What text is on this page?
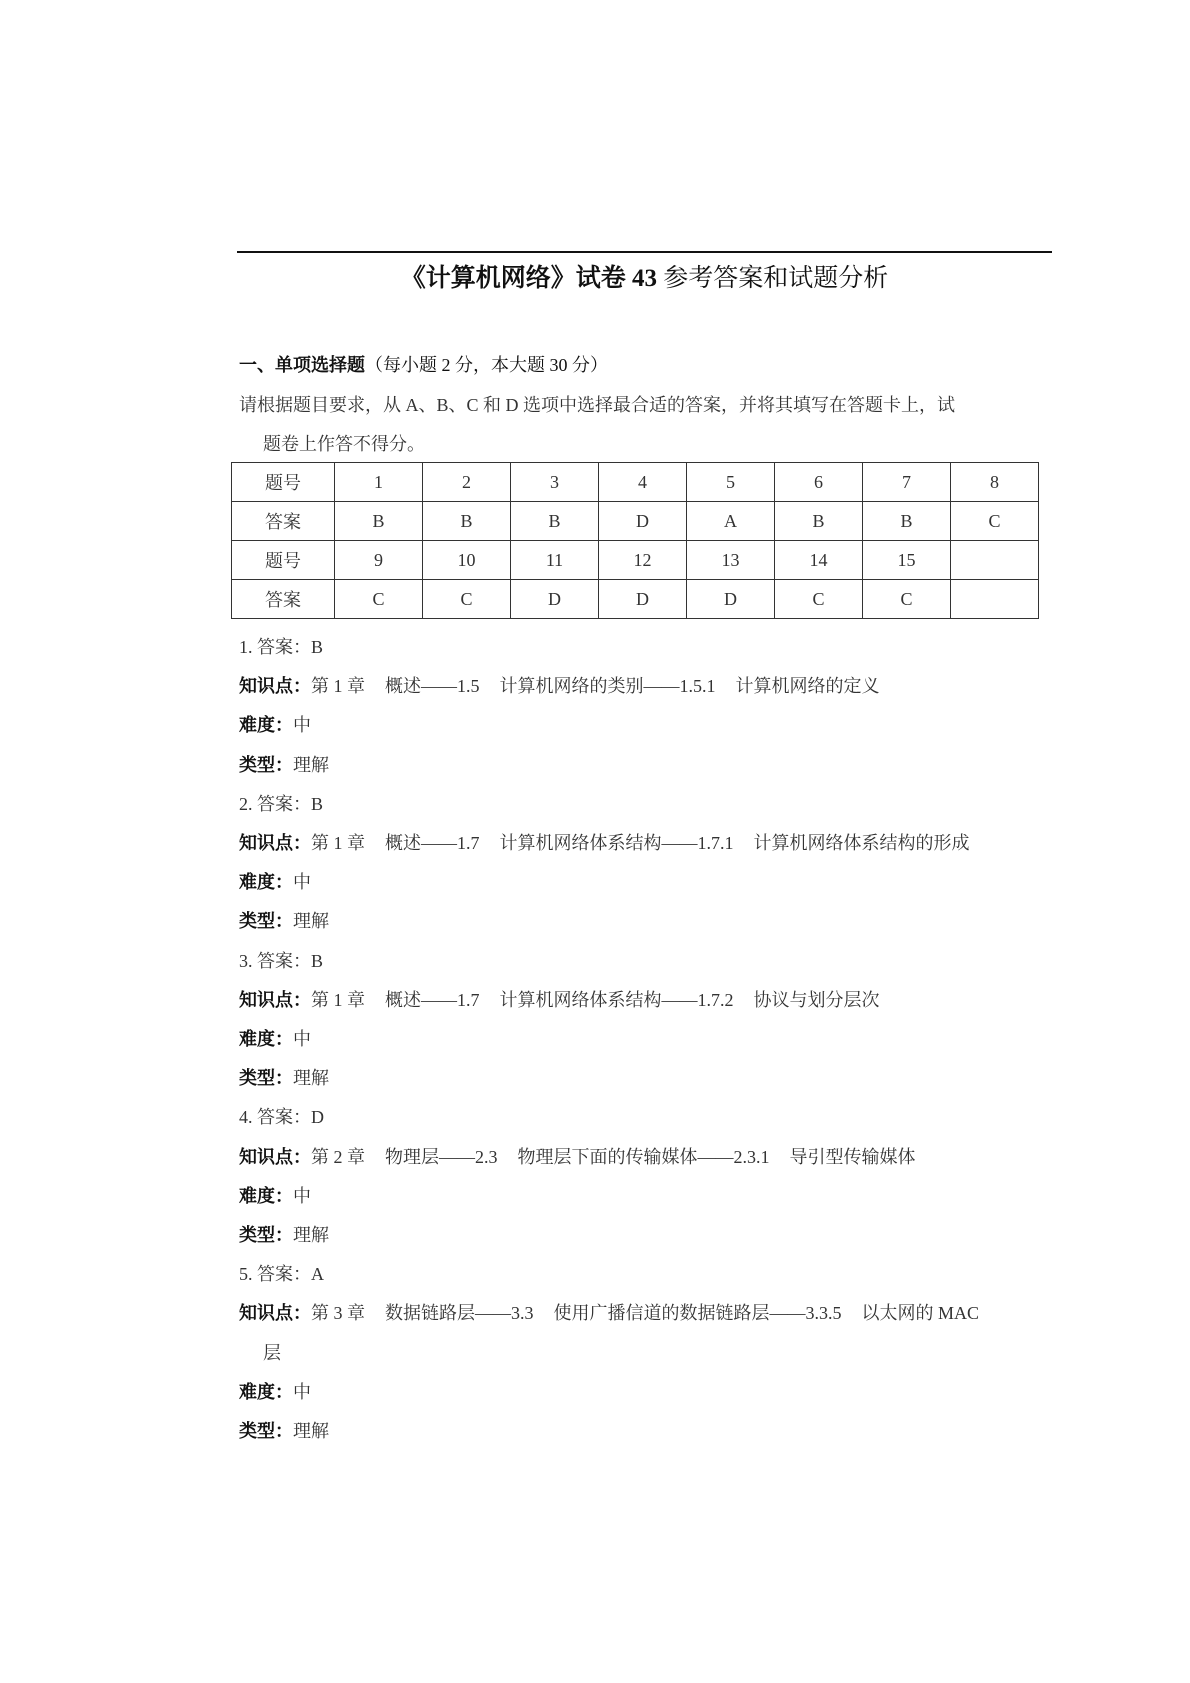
《计算机网络》试卷 43 参考答案和试题分析
一、单项选择题（每小题 2 分，本大题 30 分）
请根据题目要求，从 A、B、C 和 D 选项中选择最合适的答案，并将其填写在答题卡上，试
题卷上作答不得分。
题号	1	2	3	4	5	6	7	8
答案	B	B	B	D	A	B	B	C
题号	9	10	11	12	13	14	15	
答案	C	C	D	D	D	C	C	
1. 答案：B
知识点：第 1 章 概述——1.5 计算机网络的类别——1.5.1 计算机网络的定义
难度：中
类型：理解
2. 答案：B
知识点：第 1 章 概述——1.7 计算机网络体系结构——1.7.1 计算机网络体系结构的形成
难度：中
类型：理解
3. 答案：B
知识点：第 1 章 概述——1.7 计算机网络体系结构——1.7.2 协议与划分层次
难度：中
类型：理解
4. 答案：D
知识点：第 2 章 物理层——2.3 物理层下面的传输媒体——2.3.1 导引型传输媒体
难度：中
类型：理解
5. 答案：A
知识点：第 3 章 数据链路层——3.3 使用广播信道的数据链路层——3.3.5 以太网的 MAC
层
难度：中
类型：理解
